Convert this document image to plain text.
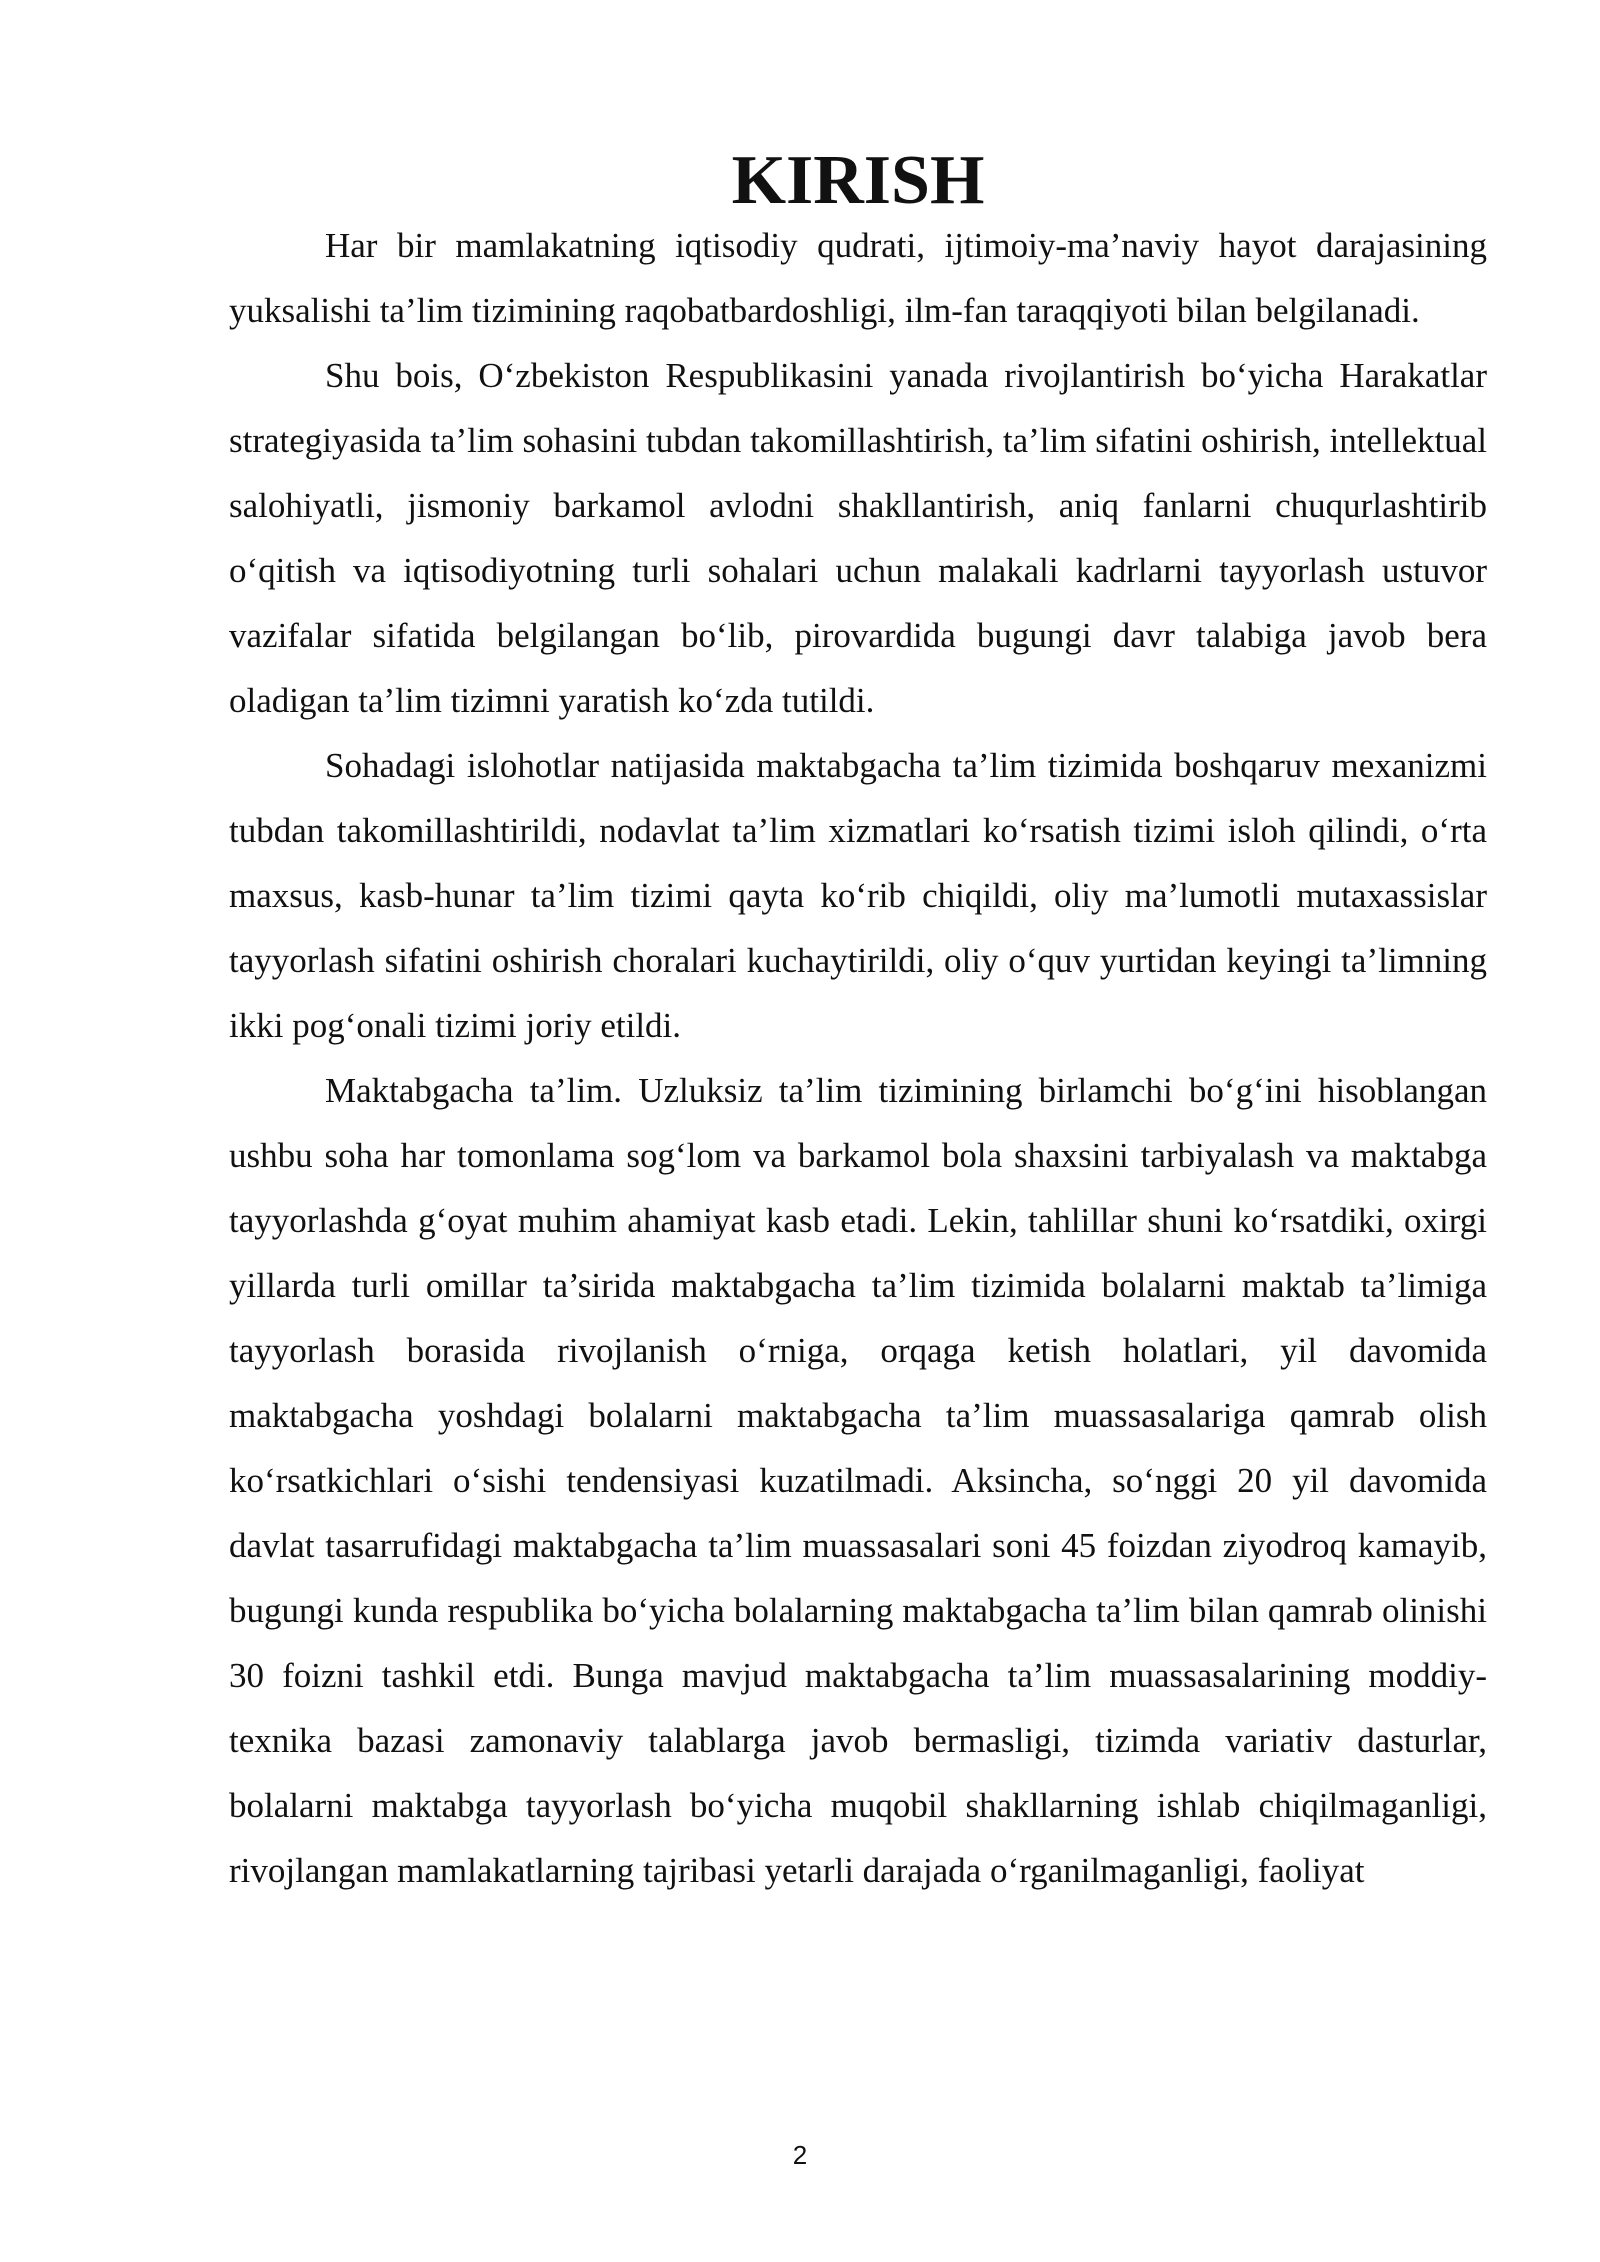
KIRISH

Har bir mamlakatning iqtisodiy qudrati, ijtimoiy-ma’naviy hayot darajasining yuksalishi ta’lim tizimining raqobatbardoshligi, ilm-fan taraqqiyoti bilan belgilanadi.

Shu bois, O‘zbekiston Respublikasini yanada rivojlantirish bo‘yicha Harakatlar strategiyasida ta’lim sohasini tubdan takomillashtirish, ta’lim sifatini oshirish, intellektual salohiyatli, jismoniy barkamol avlodni shakllantirish, aniq fanlarni chuqurlashtirib o‘qitish va iqtisodiyotning turli sohalari uchun malakali kadrlarni tayyorlash ustuvor vazifalar sifatida belgilangan bo‘lib, pirovardida bugungi davr talabiga javob bera oladigan ta’lim tizimni yaratish ko‘zda tutildi.

Sohadagi islohotlar natijasida maktabgacha ta’lim tizimida boshqaruv mexanizmi tubdan takomillashtirildi, nodavlat ta’lim xizmatlari ko‘rsatish tizimi isloh qilindi, o‘rta maxsus, kasb-hunar ta’lim tizimi qayta ko‘rib chiqildi, oliy ma’lumotli mutaxassislar tayyorlash sifatini oshirish choralari kuchaytirildi, oliy o‘quv yurtidan keyingi ta’limning ikki pog‘onali tizimi joriy etildi.

Maktabgacha ta’lim. Uzluksiz ta’lim tizimining birlamchi bo‘g‘ini hisoblangan ushbu soha har tomonlama sog‘lom va barkamol bola shaxsini tarbiyalash va maktabga tayyorlashda g‘oyat muhim ahamiyat kasb etadi. Lekin, tahlillar shuni ko‘rsatdiki, oxirgi yillarda turli omillar ta’sirida maktabgacha ta’lim tizimida bolalarni maktab ta’limiga tayyorlash borasida rivojlanish o‘rniga, orqaga ketish holatlari, yil davomida maktabgacha yoshdagi bolalarni maktabgacha ta’lim muassasalariga qamrab olish ko‘rsatkichlari o‘sishi tendensiyasi kuzatilmadi. Aksincha, so‘nggi 20 yil davomida davlat tasarrufidagi maktabgacha ta’lim muassasalari soni 45 foizdan ziyodroq kamayib, bugungi kunda respublika bo‘yicha bolalarning maktabgacha ta’lim bilan qamrab olinishi 30 foizni tashkil etdi. Bunga mavjud maktabgacha ta’lim muassasalarining moddiy-texnika bazasi zamonaviy talablarga javob bermasligi, tizimda variativ dasturlar, bolalarni maktabga tayyorlash bo‘yicha muqobil shakllarning ishlab chiqilmaganligi, rivojlangan mamlakatlarning tajribasi yetarli darajada o‘rganilmaganligi, faoliyat

2
